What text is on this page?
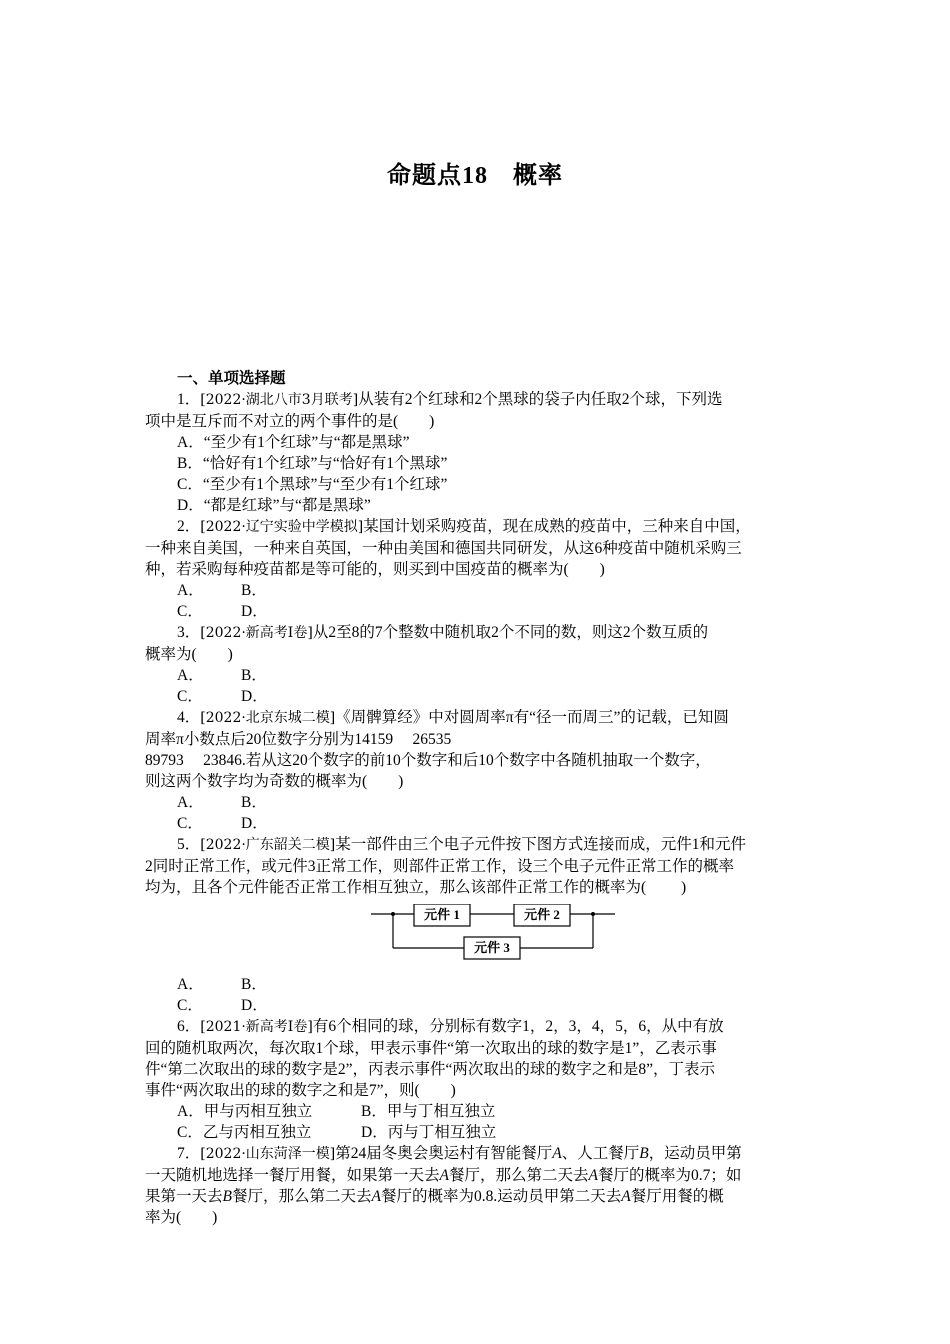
命题点18　概率
一、单项选择题
1．[2022·湖北八市3月联考]从装有2个红球和2个黑球的袋子内任取2个球，下列选
项中是互斥而不对立的两个事件的是(　　)
A．“至少有1个红球”与“都是黑球”
B．“恰好有1个红球”与“恰好有1个黑球”
C．“至少有1个黑球”与“至少有1个红球”
D．“都是红球”与“都是黑球”
2．[2022·辽宁实验中学模拟]某国计划采购疫苗，现在成熟的疫苗中，三种来自中国，
一种来自美国，一种来自英国，一种由美国和德国共同研发，从这6种疫苗中随机采购三
种，若采购每种疫苗都是等可能的，则买到中国疫苗的概率为(　　)
A． B．
C． D．
3．[2022·新高考Ⅰ卷]从2至8的7个整数中随机取2个不同的数，则这2个数互质的
概率为(　　)
A． B．
C． D．
4．[2022·北京东城二模]《周髀算经》中对圆周率π有“径一而周三”的记载，已知圆
周率π小数点后20位数字分别为14159　 26535
89793　 23846.若从这20个数字的前10个数字和后10个数字中各随机抽取一个数字，
则这两个数字均为奇数的概率为(　　)
A． B．
C． D．
5．[2022·广东韶关二模]某一部件由三个电子元件按下图方式连接而成，元件1和元件
2同时正常工作，或元件3正常工作，则部件正常工作，设三个电子元件正常工作的概率
均为，且各个元件能否正常工作相互独立，那么该部件正常工作的概率为(　　 )
元件 1	元件 2
元件 3
A． B．
C． D．
6．[2021·新高考Ⅰ卷]有6个相同的球，分别标有数字1，2，3，4，5，6，从中有放
回的随机取两次，每次取1个球，甲表示事件“第一次取出的球的数字是1”，乙表示事
件“第二次取出的球的数字是2”，丙表示事件“两次取出的球的数字之和是8”，丁表示
事件“两次取出的球的数字之和是7”，则(　　)
A．甲与丙相互独立	B．甲与丁相互独立
C．乙与丙相互独立	D．丙与丁相互独立
7．[2022·山东菏泽一模]第24届冬奥会奥运村有智能餐厅A、人工餐厅B，运动员甲第
一天随机地选择一餐厅用餐，如果第一天去A餐厅，那么第二天去A餐厅的概率为0.7；如
果第一天去B餐厅，那么第二天去A餐厅的概率为0.8.运动员甲第二天去A餐厅用餐的概
率为(　　)
